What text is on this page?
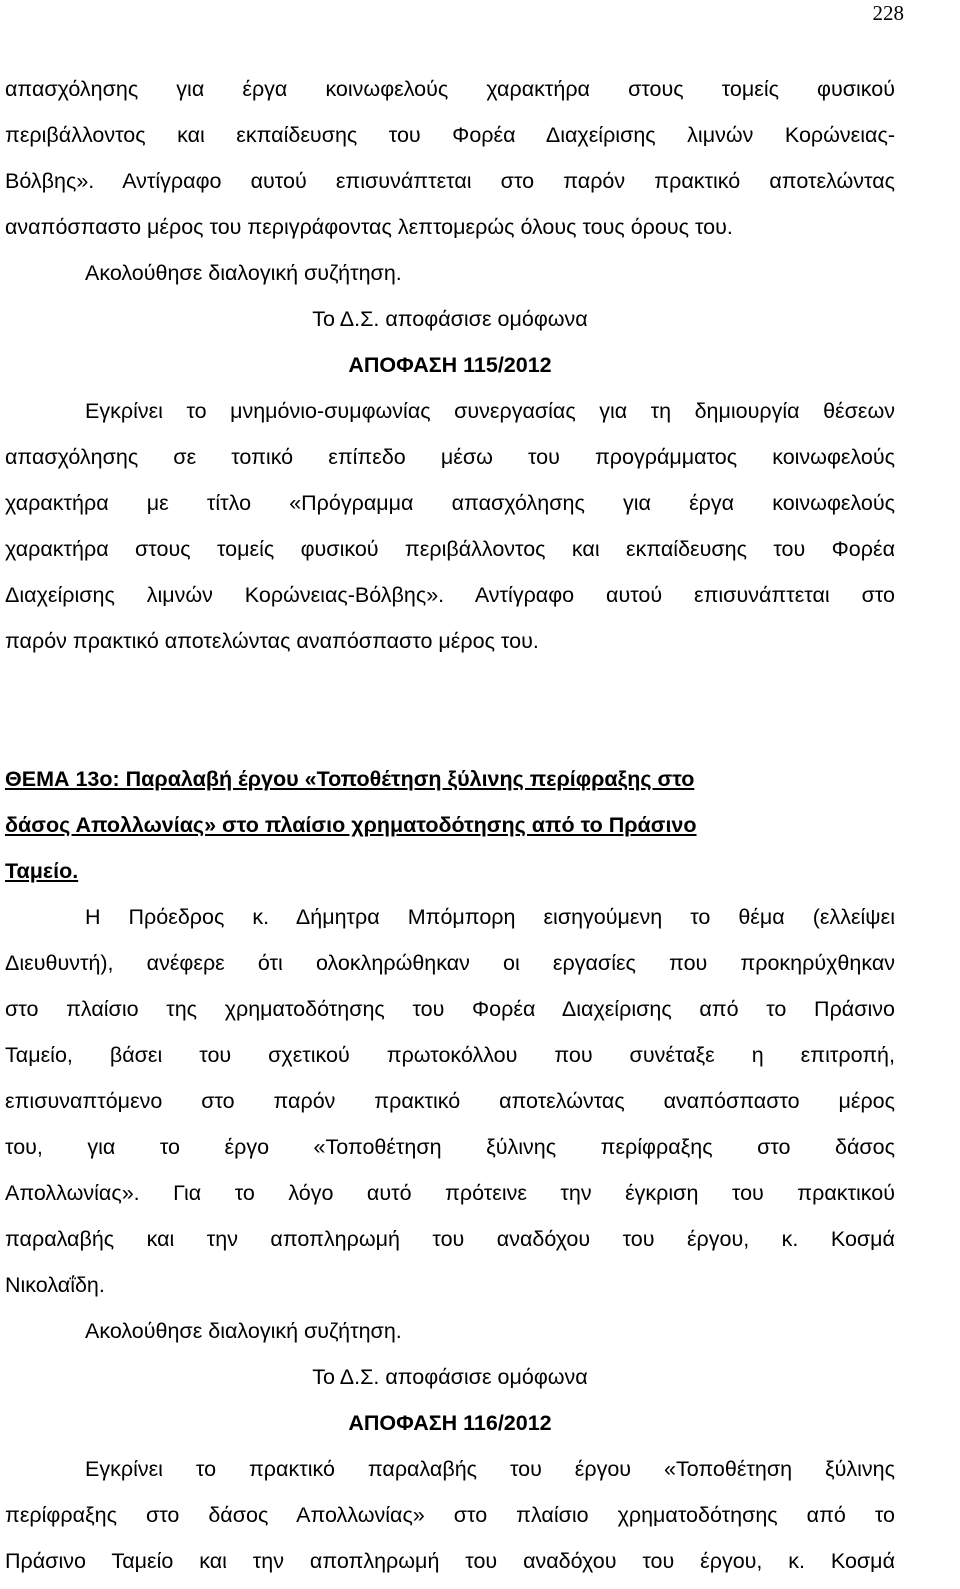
228
απασχόλησης για έργα κοινωφελούς χαρακτήρα στους τομείς φυσικού
περιβάλλοντος και εκπαίδευσης του Φορέα Διαχείρισης λιμνών Κορώνειας-
Βόλβης». Αντίγραφο αυτού επισυνάπτεται στο παρόν πρακτικό αποτελώντας
αναπόσπαστο μέρος του περιγράφοντας λεπτομερώς όλους τους όρους του.
Ακολούθησε διαλογική συζήτηση.
Το Δ.Σ. αποφάσισε ομόφωνα
ΑΠΟΦΑΣΗ 115/2012
Εγκρίνει το μνημόνιο-συμφωνίας συνεργασίας για τη δημιουργία θέσεων
απασχόλησης σε τοπικό επίπεδο μέσω του προγράμματος κοινωφελούς
χαρακτήρα με τίτλο «Πρόγραμμα απασχόλησης για έργα κοινωφελούς
χαρακτήρα στους τομείς φυσικού περιβάλλοντος και εκπαίδευσης του Φορέα
Διαχείρισης λιμνών Κορώνειας-Βόλβης». Αντίγραφο αυτού επισυνάπτεται στο
παρόν πρακτικό αποτελώντας αναπόσπαστο μέρος του.
ΘΕΜΑ 13ο: Παραλαβή έργου «Τοποθέτηση ξύλινης περίφραξης στο
δάσος Απολλωνίας» στο πλαίσιο χρηματοδότησης από το Πράσινο
Ταμείο.
Η Πρόεδρος κ. Δήμητρα Μπόμπορη εισηγούμενη το θέμα (ελλείψει
Διευθυντή), ανέφερε ότι ολοκληρώθηκαν οι εργασίες που προκηρύχθηκαν
στο πλαίσιο της χρηματοδότησης του Φορέα Διαχείρισης από το Πράσινο
Ταμείο, βάσει του σχετικού πρωτοκόλλου που συνέταξε η επιτροπή,
επισυναπτόμενο στο παρόν πρακτικό αποτελώντας αναπόσπαστο μέρος
του, για το έργο «Τοποθέτηση ξύλινης περίφραξης στο δάσος
Απολλωνίας». Για το λόγο αυτό πρότεινε την έγκριση του πρακτικού
παραλαβής και την αποπληρωμή του αναδόχου του έργου, κ. Κοσμά
Νικολαΐδη.
Ακολούθησε διαλογική συζήτηση.
Το Δ.Σ. αποφάσισε ομόφωνα
ΑΠΟΦΑΣΗ 116/2012
Εγκρίνει το πρακτικό παραλαβής του έργου «Τοποθέτηση ξύλινης
περίφραξης στο δάσος Απολλωνίας» στο πλαίσιο χρηματοδότησης από το
Πράσινο Ταμείο και την αποπληρωμή του αναδόχου του έργου, κ. Κοσμά
